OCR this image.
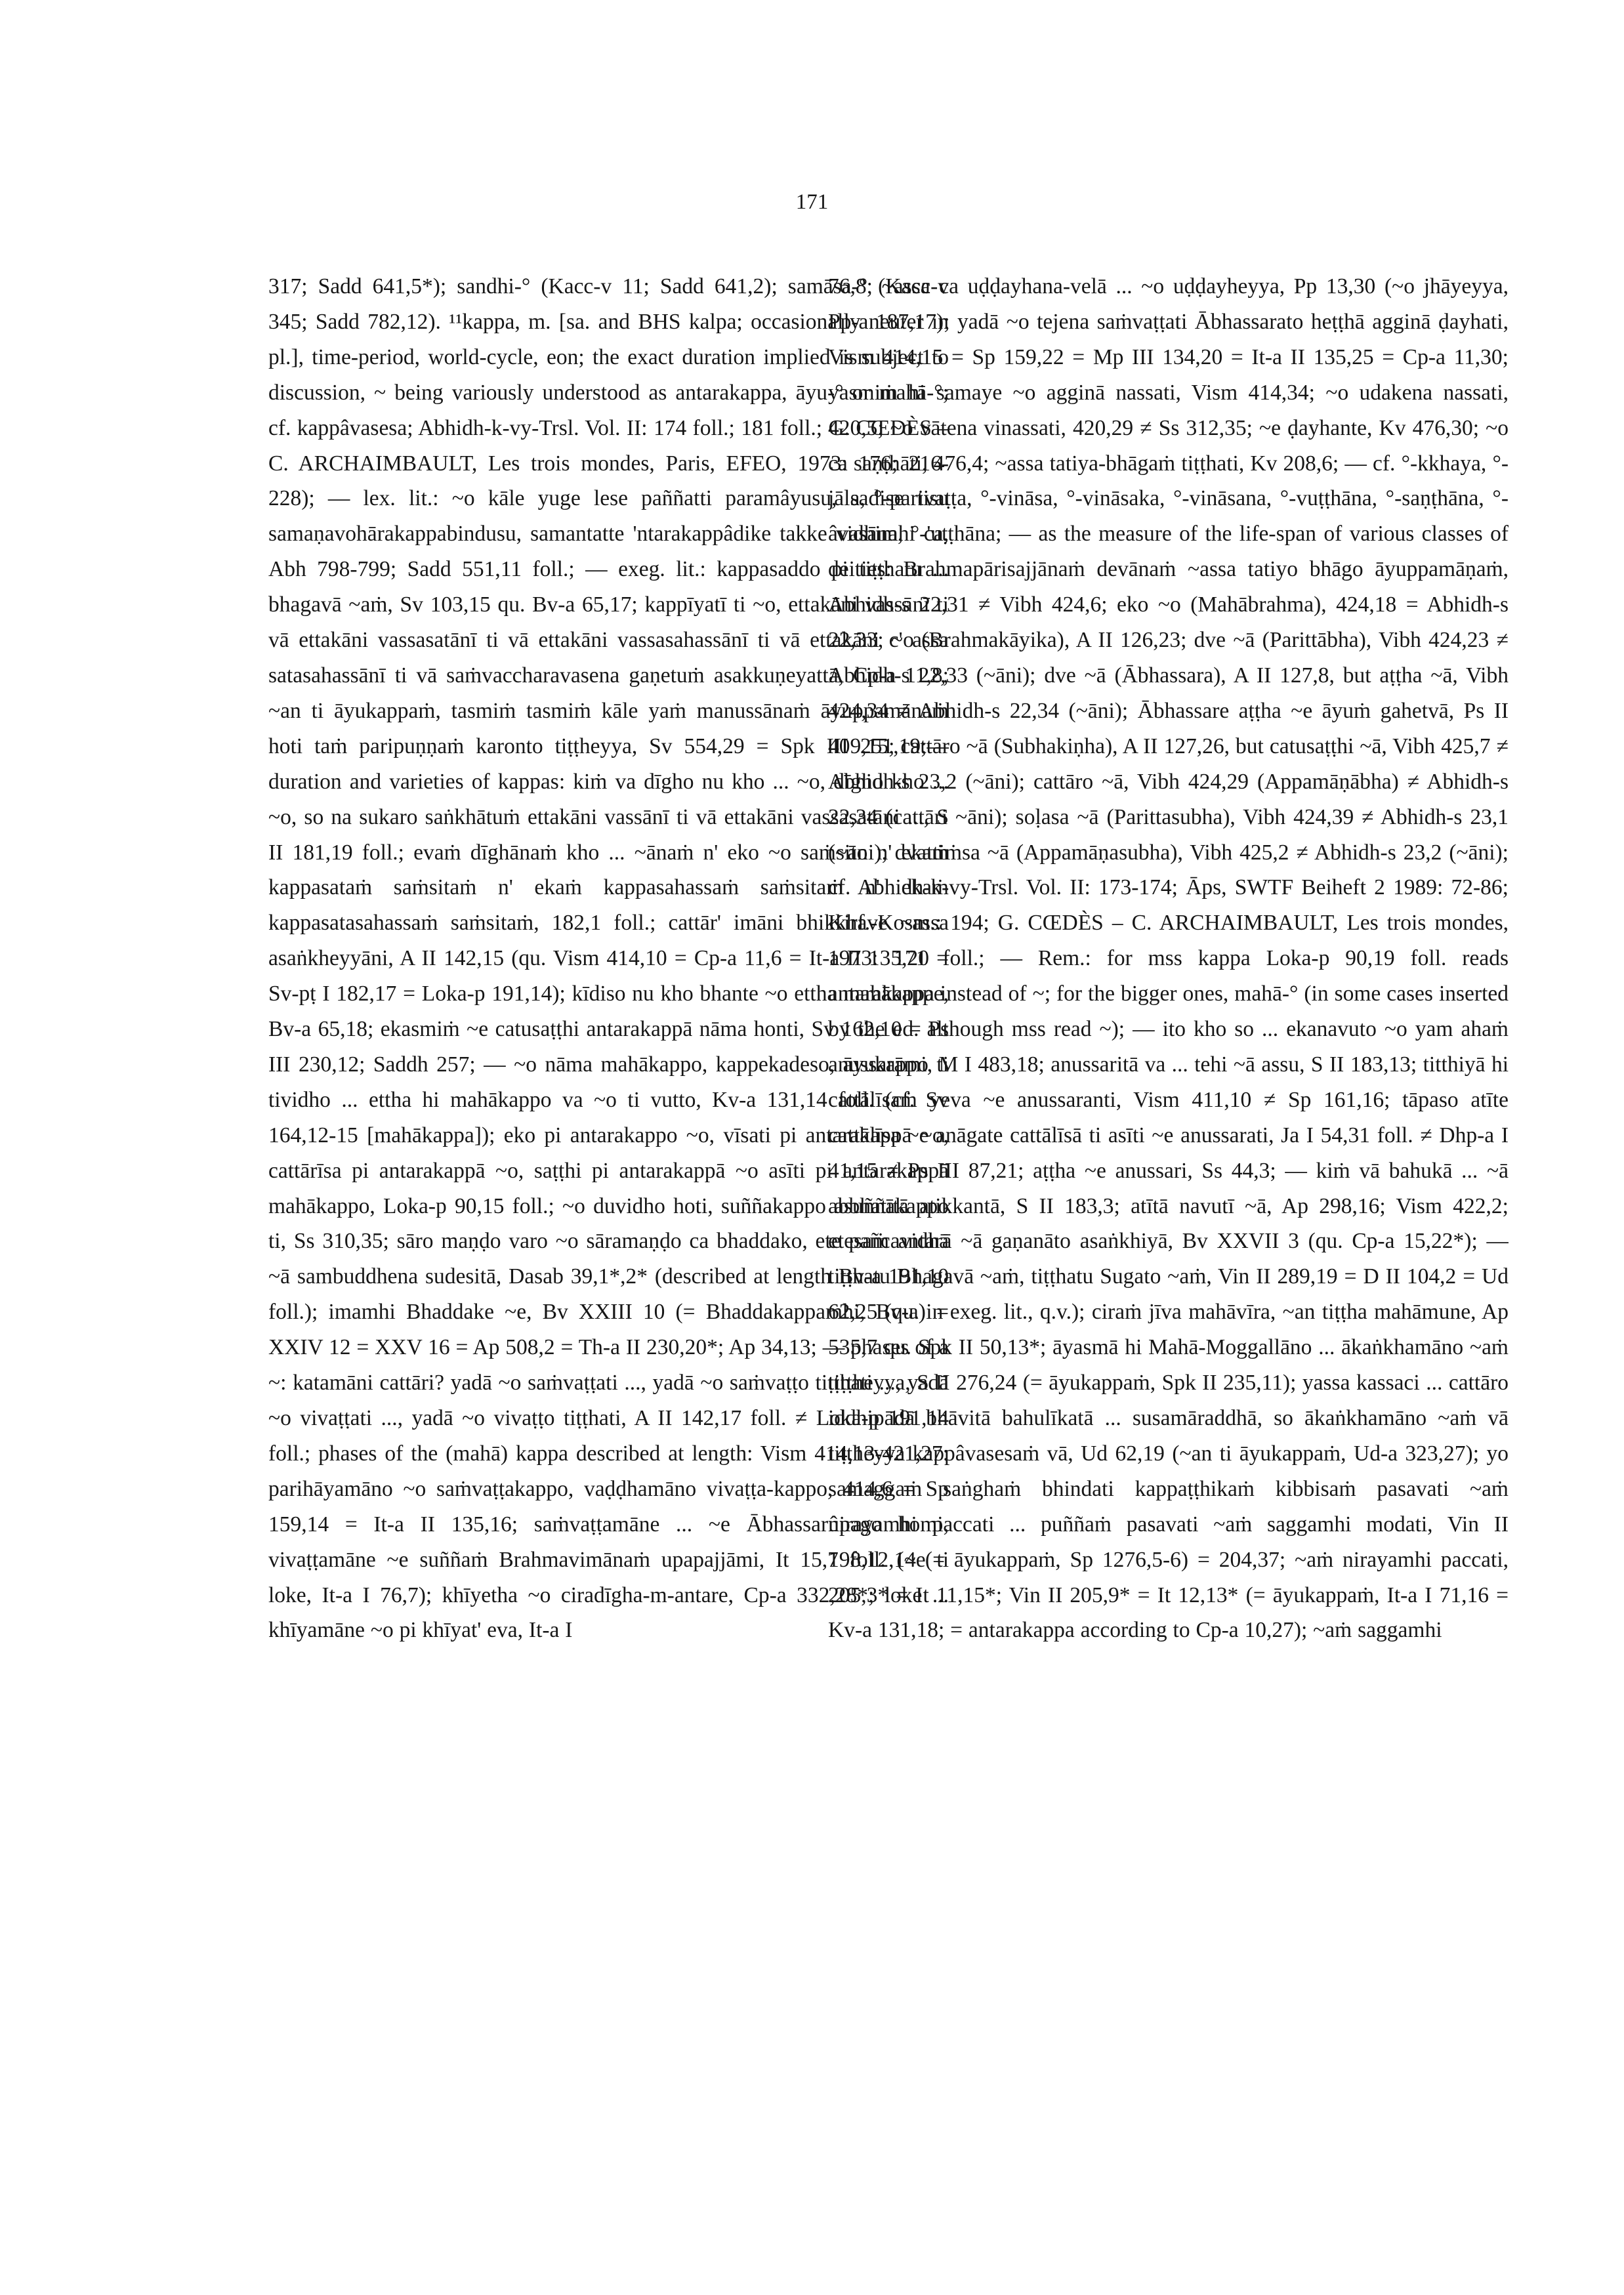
171

317; Sadd 641,5*); sandhi-° (Kacc-v 11; Sadd 641,2); samāsa-° (Kacc-v 345; Sadd 782,12). ¹¹kappa, m. [sa. and BHS kalpa; occasionally neuter in pl.], time-period, world-cycle, eon; the exact duration implied is subject to discussion, ~ being variously understood as antarakappa, āyu-° or mahā-°; cf. kappâvasesa; Abhidh-k-vy-Trsl. Vol. II: 174 foll.; 181 foll.; G. CŒDÈS – C. ARCHAIMBAULT, Les trois mondes, Paris, EFEO, 1973: 176; 216-228); — lex. lit.: ~o kāle yuge lese paññatti paramâyusu, sadise tisu samaṇavohārakappabindusu, samantatte 'ntarakappâdike takke vidhimhi ca, Abh 798-799; Sadd 551,11 foll.; — exeg. lit.: kappasaddo pi tiṭṭhatu ... bhagavā ~aṁ, Sv 103,15 qu. Bv-a 65,17; kappīyatī ti ~o, ettakāni vassānī ti vā ettakāni vassasatānī ti vā ettakāni vassasahassānī ti vā ettakāni c' assa satasahassānī ti vā saṁvaccharavasena gaṇetuṁ asakkuṇeyattā, Cp-a 11,8; ~an ti āyukappaṁ, tasmiṁ tasmiṁ kāle yaṁ manussānaṁ āyuppamānaṁ hoti taṁ paripuṇṇaṁ karonto tiṭṭheyya, Sv 554,29 = Spk III 251,19;— duration and varieties of kappas: kiṁ va dīgho nu kho ... ~o, dīgho kho ... ~o, so na sukaro saṅkhātuṁ ettakāni vassānī ti vā ettakāni vassasatāni ..., S II 181,19 foll.; evaṁ dīghānaṁ kho ... ~ānaṁ n' eko ~o saṁsito n' ekaṁ kappasataṁ saṁsitaṁ n' ekaṁ kappasahassaṁ saṁsitaṁ n' ekaṁ kappasatasahassaṁ saṁsitaṁ, 182,1 foll.; cattār' imāni bhikkhave ~assa asaṅkheyyāni, A II 142,15 (qu. Vism 414,10 = Cp-a 11,6 = It-a II 135,20 = Sv-pṭ I 182,17 = Loka-p 191,14); kīdiso nu kho bhante ~o ettha mahākappe, Bv-a 65,18; ekasmiṁ ~e catusaṭṭhi antarakappā nāma honti, Sv 162,10 = Ps III 230,12; Saddh 257; — ~o nāma mahākappo, kappekadeso, āyukappo ti tividho ... ettha hi mahākappo va ~o ti vutto, Kv-a 131,14 foll. (cf. Sv 164,12-15 [mahākappa]); eko pi antarakappo ~o, vīsati pi antarakappā ~o, cattārīsa pi antarakappā ~o, saṭṭhi pi antarakappā ~o asīti pi antarakappā mahākappo, Loka-p 90,15 foll.; ~o duvidho hoti, suññakappo asuññakappo ti, Ss 310,35; sāro maṇḍo varo ~o sāramaṇḍo ca bhaddako, ete pañcavidhā ~ā sambuddhena sudesitā, Dasab 39,1*,2* (described at length Bv-a 191,10 foll.); imamhi Bhaddake ~e, Bv XXIII 10 (= Bhaddakappamhi, Bv-a) = XXIV 12 = XXV 16 = Ap 508,2 = Th-a II 230,20*; Ap 34,13; — phases of a ~: katamāni cattāri? yadā ~o saṁvaṭṭati ..., yadā ~o saṁvaṭṭo tiṭṭhati ..., yadā ~o vivaṭṭati ..., yadā ~o vivaṭṭo tiṭṭhati, A II 142,17 foll. ≠ Loka-p 191,14 foll.; phases of the (mahā) kappa described at length: Vism 414,13-421,27: parihāyamāno ~o saṁvaṭṭakappo, vaḍḍhamāno vivaṭṭa-kappo, 414,6 = Sp 159,14 = It-a II 135,16; saṁvaṭṭamāne ... ~e Ābhassarûpago homi, vivaṭṭamāne ~e suññaṁ Brahmavimānaṁ upapajjāmi, It 15,7 foll. (~e ti loke, It-a I 76,7); khīyetha ~o ciradīgha-m-antare, Cp-a 332,28*; loke ... khīyamāne ~o pi khīyat' eva, It-a I

76,8; ~assa ca uḍḍayhana-velā ... ~o uḍḍayheyya, Pp 13,30 (~o jhāyeyya, Pp-a 187,17); yadā ~o tejena saṁvaṭṭati Ābhassarato heṭṭhā agginā ḍayhati, Vism 414,15 = Sp 159,22 = Mp III 134,20 = It-a II 135,25 = Cp-a 11,30; yasmiṁ hi samaye ~o agginā nassati, Vism 414,34; ~o udakena nassati, 420,5; ~o vātena vinassati, 420,29 ≠ Ss 312,35; ~e ḍayhante, Kv 476,30; ~o ca saṇṭhāti, 476,4; ~assa tatiya-bhāgaṁ tiṭṭhati, Kv 208,6; — cf. °-kkhaya, °-jāla, °-parivaṭṭa, °-vināsa, °-vināsaka, °-vināsana, °-vuṭṭhāna, °-saṇṭhāna, °-âvasāna, °-'uṭṭhāna; — as the measure of the life-span of various classes of deities: Brahmapārisajjānaṁ devānaṁ ~assa tatiyo bhāgo āyuppamāṇaṁ, Abhidh-s 22,31 ≠ Vibh 424,6; eko ~o (Mahābrahma), 424,18 = Abhidh-s 22,33; ~o (Brahmakāyika), A II 126,23; dve ~ā (Parittābha), Vibh 424,23 ≠ Abhidh-s 22,33 (~āni); dve ~ā (Ābhassara), A II 127,8, but aṭṭha ~ā, Vibh 424,34 ≠ Abhidh-s 22,34 (~āni); Ābhassare aṭṭha ~e āyuṁ gahetvā, Ps II 409,15; cattāro ~ā (Subhakiṇha), A II 127,26, but catusaṭṭhi ~ā, Vibh 425,7 ≠ Abhidh-s 23,2 (~āni); cattāro ~ā, Vibh 424,29 (Appamāṇābha) ≠ Abhidh-s 22,34 (cattāri ~āni); soḷasa ~ā (Parittasubha), Vibh 424,39 ≠ Abhidh-s 23,1 (~āni); dvattiṁsa ~ā (Appamāṇasubha), Vibh 425,2 ≠ Abhidh-s 23,2 (~āni); cf. Abhidh-k-vy-Trsl. Vol. II: 173-174; Āps, SWTF Beiheft 2 1989: 72-86; Kirf.-Kosm.: 194; G. CŒDÈS – C. ARCHAIMBAULT, Les trois mondes, 1973: 171 foll.; — Rem.: for mss kappa Loka-p 90,19 foll. reads antarakappa instead of ~; for the bigger ones, mahā-° (in some cases inserted by the ed. although mss read ~); — ito kho so ... ekanavuto ~o yam ahaṁ anussarāmi, M I 483,18; anussaritā va ... tehi ~ā assu, S II 183,13; titthiyā hi cattālīsaṁ yeva ~e anussaranti, Vism 411,10 ≠ Sp 161,16; tāpaso atīte cattālīsa ~e anāgate cattālīsā ti asīti ~e anussarati, Ja I 54,31 foll. ≠ Dhp-a I 41,15 ≠ Ps III 87,21; aṭṭha ~e anussari, Ss 44,3; — kiṁ vā bahukā ... ~ā abbhatītā atikkantā, S II 183,3; atītā navutī ~ā, Ap 298,16; Vism 422,2; etesaṁ antarā ~ā gaṇanāto asaṅkhiyā, Bv XXVII 3 (qu. Cp-a 15,22*); — tiṭṭhatu Bhagavā ~aṁ, tiṭṭhatu Sugato ~aṁ, Vin II 289,19 = D II 104,2 = Ud 62,25 (qu. in exeg. lit., q.v.); ciraṁ jīva mahāvīra, ~an tiṭṭha mahāmune, Ap 535,7 qu. Spk II 50,13*; āyasmā hi Mahā-Moggallāno ... ākaṅkhamāno ~aṁ tiṭṭheyya, S II 276,24 (= āyukappaṁ, Spk II 235,11); yassa kassaci ... cattāro iddhipādā bhāvitā bahulīkatā ... susamāraddhā, so ākaṅkhamāno ~aṁ vā tiṭṭheyya kappâvasesaṁ vā, Ud 62,19 (~an ti āyukappaṁ, Ud-a 323,27); yo samaggaṁ saṅghaṁ bhindati kappaṭṭhikaṁ kibbisaṁ pasavati ~aṁ nirayamhi paccati ... puññaṁ pasavati ~aṁ saggamhi modati, Vin II 198,12,14 (= āyukappaṁ, Sp 1276,5-6) = 204,37; ~aṁ nirayamhi paccati, 205,3* = It 11,15*; Vin II 205,9* = It 12,13* (= āyukappaṁ, It-a I 71,16 = Kv-a 131,18; = antarakappa according to Cp-a 10,27); ~aṁ saggamhi
